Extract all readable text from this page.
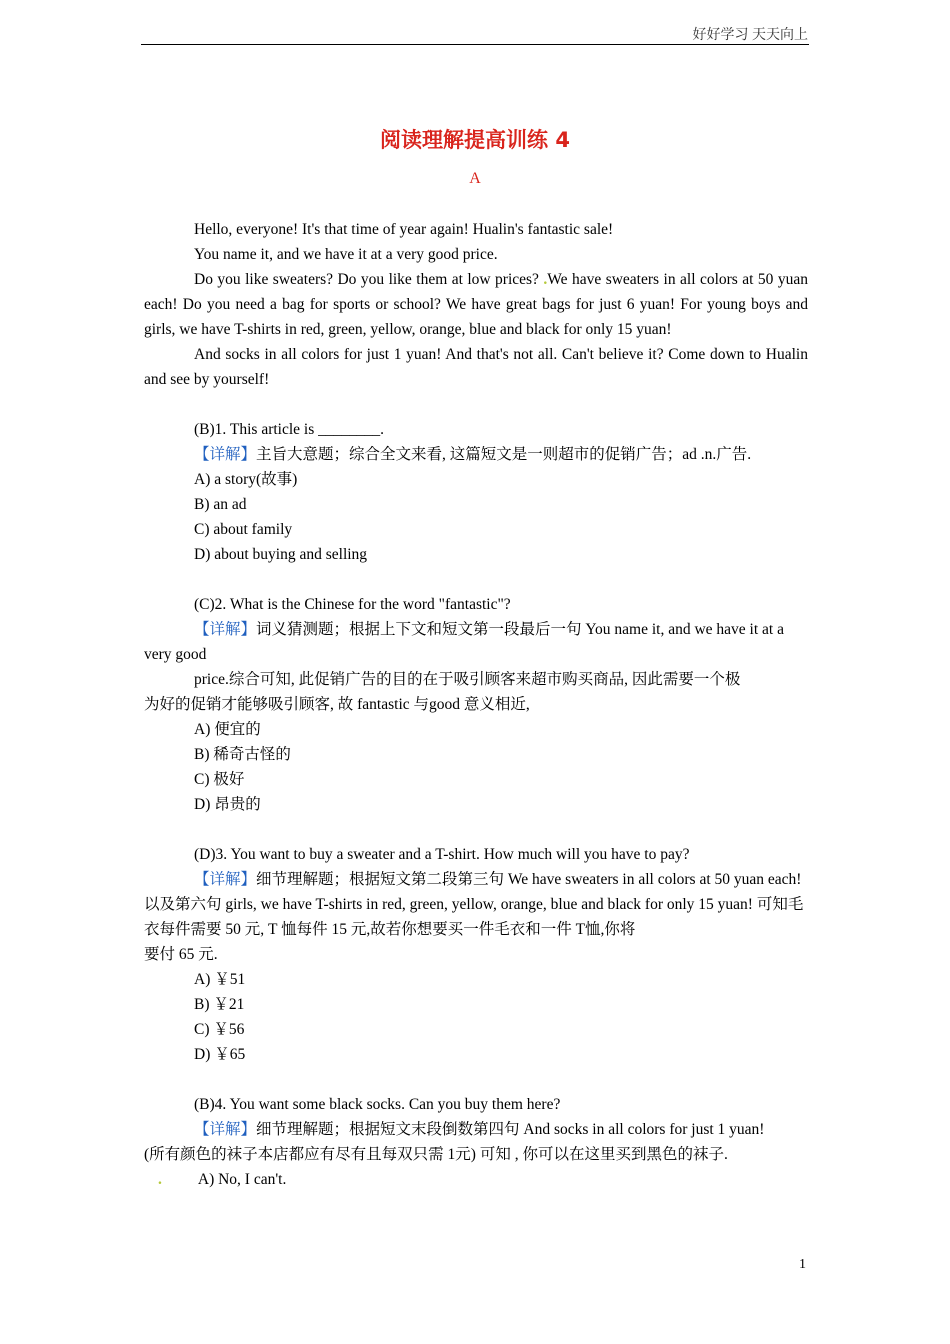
好好学习 天天向上
阅读理解提高训练 4
A

Hello, everyone! It's that time of year again! Hualin's fantastic sale!

You name it, and we have it at a very good price.

Do you like sweaters? Do you like them at low prices? .We have sweaters in all colors at 50 yuan each! Do you need a bag for sports or school? We have great bags for just 6 yuan! For young boys and girls, we have T-shirts in red, green, yellow, orange, blue and black for only 15 yuan!

And socks in all colors for just 1 yuan! And that's not all. Can't believe it? Come down to Hualin and see by yourself!

(B)1. This article is ________.

【详解】主旨大意题；综合全文来看, 这篇短文是一则超市的促销广告；ad .n.广告.

A) a story(故事)

B) an ad

C) about family

D) about buying and selling

(C)2. What is the Chinese for the word "fantastic"?

【详解】词义猜测题；根据上下文和短文第一段最后一句 You name it, and we have it at a very good

price.综合可知, 此促销广告的目的在于吸引顾客来超市购买商品, 因此需要一个极

为好的促销才能够吸引顾客, 故 fantastic 与good 意义相近,

A) 便宜的

B) 稀奇古怪的

C) 极好

D) 昂贵的

(D)3. You want to buy a sweater and a T-shirt. How much will you have to pay?

【详解】细节理解题；根据短文第二段第三句 We have sweaters in all colors at 50 yuan each!以及第六句 girls, we have T-shirts in red, green, yellow, orange, blue and black for only 15 yuan! 可知毛衣每件需要 50 元, T 恤每件 15 元,故若你想要买一件毛衣和一件 T恤,你将

要付 65 元.

A) ￥51

B) ￥21

C) ￥56

D) ￥65

(B)4. You want some black socks. Can you buy them here?

【详解】细节理解题；根据短文末段倒数第四句 And socks in all colors for just 1 yuan!

(所有颜色的袜子本店都应有尽有且每双只需 1元) 可知 , 你可以在这里买到黑色的袜子.

. A) No, I can't.

1
